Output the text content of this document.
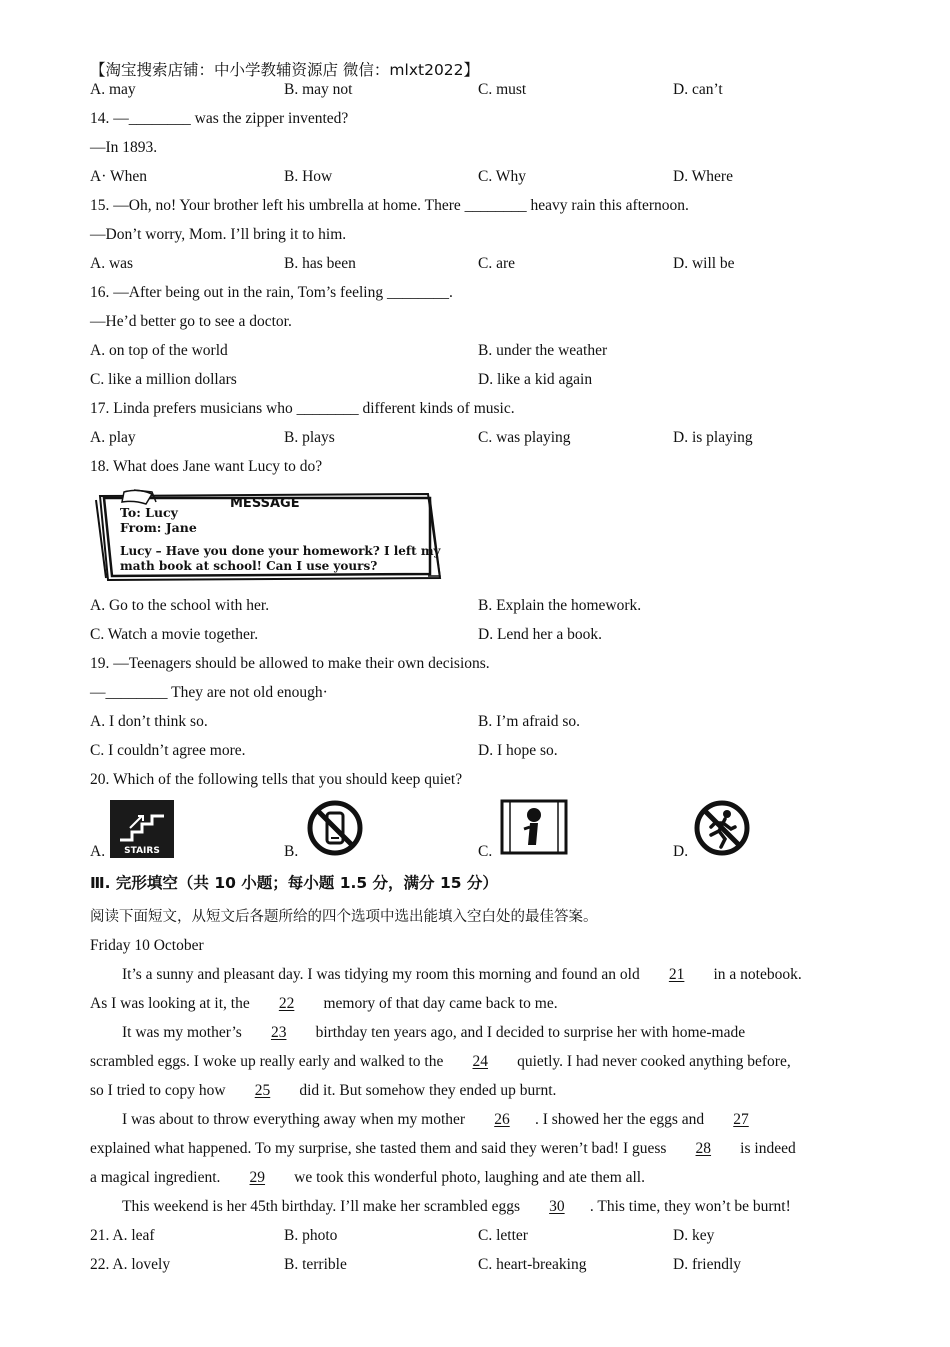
【淘宝搜索店铺：中小学教辅资源店 微信：mlxt2022】
A. may	B. may not	C. must	D. can’t
14. —________ was the zipper invented?
—In 1893.
A· When	B. How	C. Why	D. Where
15. —Oh, no! Your brother left his umbrella at home. There ________ heavy rain this afternoon.
—Don’t worry, Mom. I’ll bring it to him.
A. was	B. has been	C. are	D. will be
16. —After being out in the rain, Tom’s feeling ________.
—He’d better go to see a doctor.
A. on top of the world	B. under the weather
C. like a million dollars	D. like a kid again
17. Linda prefers musicians who ________ different kinds of music.
A. play	B. plays	C. was playing	D. is playing
18. What does Jane want Lucy to do?
MESSAGE
To: Lucy
From: Jane
Lucy – Have you done your homework? I left my
math book at school! Can I use yours?
A. Go to the school with her.	B. Explain the homework.
C. Watch a movie together.	D. Lend her a book.
19. —Teenagers should be allowed to make their own decisions.
—________ They are not old enough·
A. I don’t think so.	B. I’m afraid so.
C. I couldn’t agree more.	D. I hope so.
20. Which of the following tells that you should keep quiet?
A. STAIRS	B.	C.	D.
Ⅲ. 完形填空（共 10 小题；每小题 1.5 分，满分 15 分）
阅读下面短文，从短文后各题所给的四个选项中选出能填入空白处的最佳答案。
Friday 10 October
It’s a sunny and pleasant day. I was tidying my room this morning and found an old 21 in a notebook.
As I was looking at it, the 22 memory of that day came back to me.
It was my mother’s 23 birthday ten years ago, and I decided to surprise her with home-made
scrambled eggs. I woke up really early and walked to the 24 quietly. I had never cooked anything before,
so I tried to copy how 25 did it. But somehow they ended up burnt.
I was about to throw everything away when my mother 26 . I showed her the eggs and 27
explained what happened. To my surprise, she tasted them and said they weren’t bad! I guess 28 is indeed
a magical ingredient. 29 we took this wonderful photo, laughing and ate them all.
This weekend is her 45th birthday. I’ll make her scrambled eggs 30 . This time, they won’t be burnt!
21. A. leaf	B. photo	C. letter	D. key
22. A. lovely	B. terrible	C. heart-breaking	D. friendly
